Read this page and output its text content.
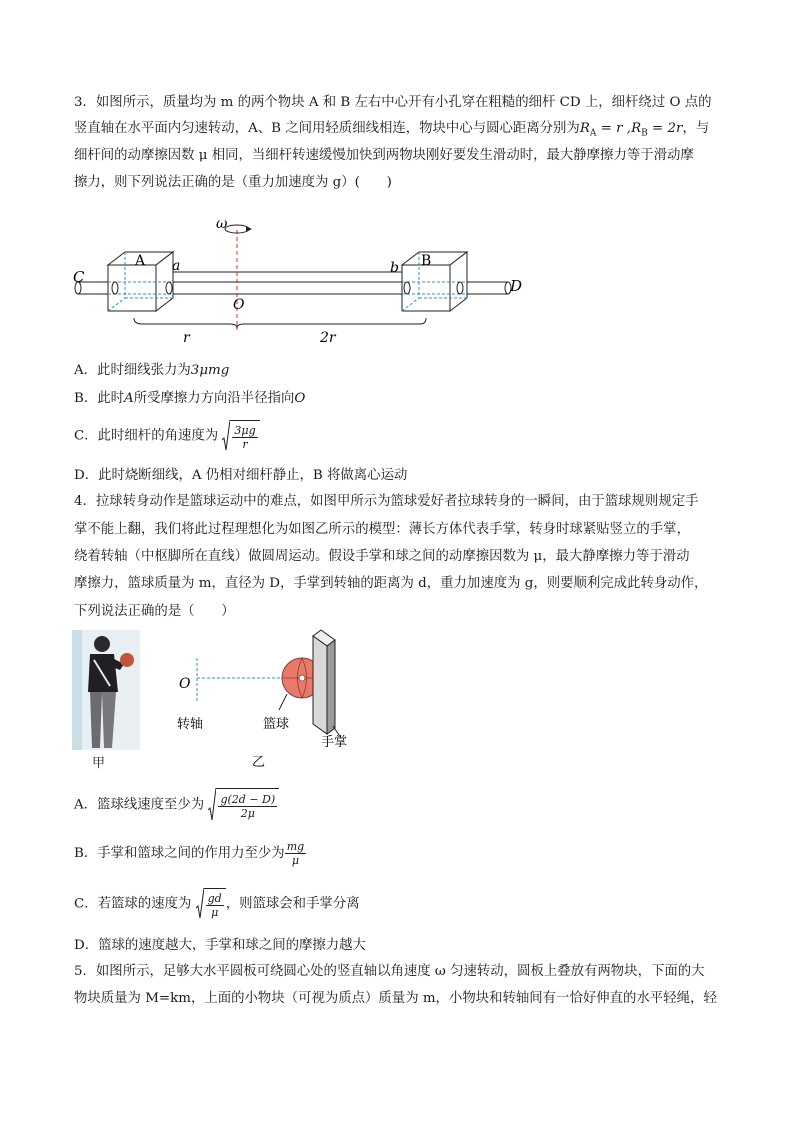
3．如图所示，质量均为 m 的两个物块 A 和 B 左右中心开有小孔穿在粗糙的细杆 CD 上，细杆绕过 O 点的
竖直轴在水平面内匀速转动，A、B 之间用轻质细线相连，物块中心与圆心距离分别为$R_A = r$ $,R_B = 2r$，与
细杆间的动摩擦因数 μ 相同，当细杆转速缓慢加快到两物块刚好要发生滑动时，最大静摩擦力等于滑动摩
擦力，则下列说法正确的是（重力加速度为 g）(　　)
ω
A	B
a	b
C	D
O
r	2r
A．此时细线张力为3μmg
B．此时A所受摩擦力方向沿半径指向O
C．此时细杆的角速度为 $\frac{3\mu g}{r}$
D．此时烧断细线，A 仍相对细杆静止，B 将做离心运动
4．拉球转身动作是篮球运动中的难点，如图甲所示为篮球爱好者拉球转身的一瞬间，由于篮球规则规定手
掌不能上翻，我们将此过程理想化为如图乙所示的模型：薄长方体代表手掌，转身时球紧贴竖立的手掌，
绕着转轴（中枢脚所在直线）做圆周运动。假设手掌和球之间的动摩擦因数为 μ，最大静摩擦力等于滑动
摩擦力，篮球质量为 m，直径为 D，手掌到转轴的距离为 d，重力加速度为 g，则要顺利完成此转身动作，
下列说法正确的是（　　）
甲
O
转轴	篮球
手掌
乙
A．篮球线速度至少为 $\frac{g(2d - D)}{2\mu}$
B．手掌和篮球之间的作用力至少为 $\frac{mg}{\mu}$
C．若篮球的速度为 $\frac{gd}{\mu}$ ，则篮球会和手掌分离
D．篮球的速度越大，手掌和球之间的摩擦力越大
5．如图所示，足够大水平圆板可绕圆心处的竖直轴以角速度 ω 匀速转动，圆板上叠放有两物块，下面的大
物块质量为 M=km，上面的小物块（可视为质点）质量为 m，小物块和转轴间有一恰好伸直的水平轻绳，轻
